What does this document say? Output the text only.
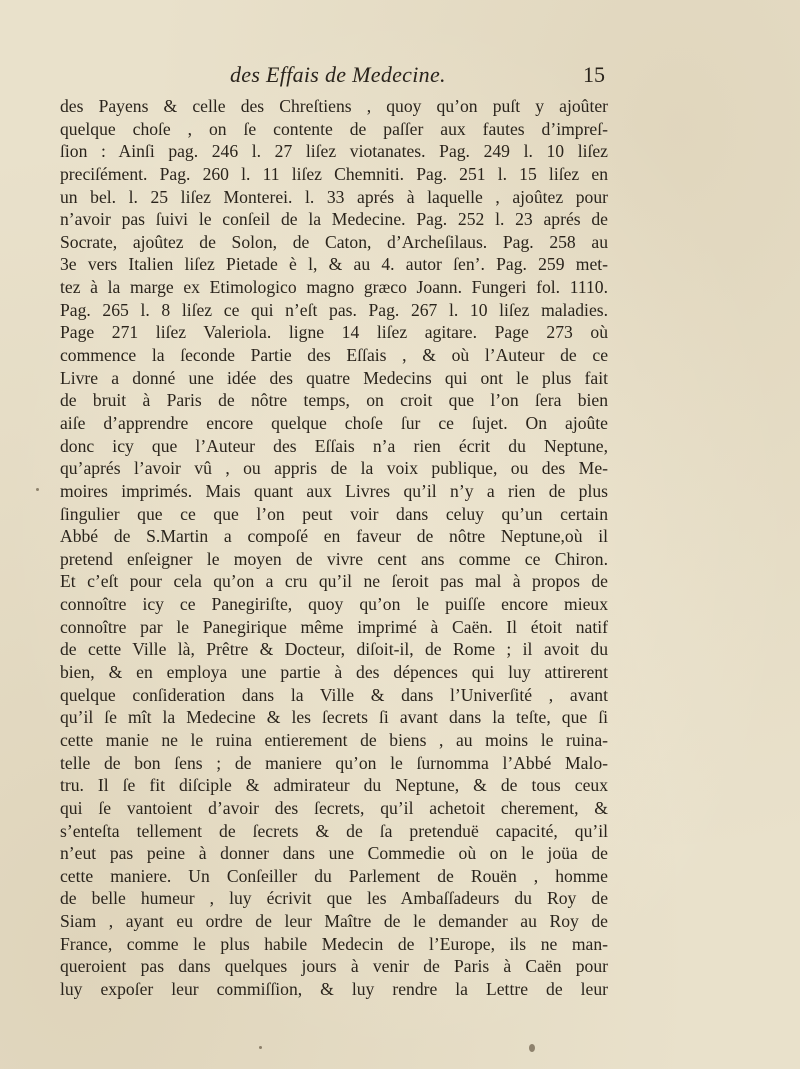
des Effais de Medecine.	15
des Payens & celle des Chreſtiens , quoy qu’on puſt y ajoûter
quelque choſe , on ſe contente de paſſer aux fautes d’impreſ-
ſion : Ainſi pag. 246 l. 27 liſez viotanates. Pag. 249 l. 10 liſez
preciſément. Pag. 260 l. 11 liſez Chemniti. Pag. 251 l. 15 liſez en
un bel. l. 25 liſez Monterei. l. 33 aprés à laquelle , ajoûtez pour
n’avoir pas ſuivi le conſeil de la Medecine. Pag. 252 l. 23 aprés de
Socrate, ajoûtez de Solon, de Caton, d’Archeſilaus. Pag. 258 au
3e vers Italien liſez Pietade è l, & au 4. autor ſen’. Pag. 259 met-
tez à la marge ex Etimologico magno græco Joann. Fungeri fol. 1110.
Pag. 265 l. 8 liſez ce qui n’eſt pas. Pag. 267 l. 10 liſez maladies.
Page 271 liſez Valeriola. ligne 14 liſez agitare. Page 273 où
commence la ſeconde Partie des Eſſais , & où l’Auteur de ce
Livre a donné une idée des quatre Medecins qui ont le plus fait
de bruit à Paris de nôtre temps, on croit que l’on ſera bien
aiſe d’apprendre encore quelque choſe ſur ce ſujet. On ajoûte
donc icy que l’Auteur des Eſſais n’a rien écrit du Neptune,
qu’aprés l’avoir vû , ou appris de la voix publique, ou des Me-
moires imprimés. Mais quant aux Livres qu’il n’y a rien de plus
ſingulier que ce que l’on peut voir dans celuy qu’un certain
Abbé de S.Martin a compoſé en faveur de nôtre Neptune,où il
pretend enſeigner le moyen de vivre cent ans comme ce Chiron.
Et c’eſt pour cela qu’on a cru qu’il ne ſeroit pas mal à propos de
connoître icy ce Panegiriſte, quoy qu’on le puiſſe encore mieux
connoître par le Panegirique même imprimé à Caën. Il étoit natif
de cette Ville là, Prêtre & Docteur, diſoit-il, de Rome ; il avoit du
bien, & en employa une partie à des dépences qui luy attirerent
quelque conſideration dans la Ville & dans l’Univerſité , avant
qu’il ſe mît la Medecine & les ſecrets ſi avant dans la teſte, que ſi
cette manie ne le ruina entierement de biens , au moins le ruina-
telle de bon ſens ; de maniere qu’on le ſurnomma l’Abbé Malo-
tru. Il ſe fit diſciple & admirateur du Neptune, & de tous ceux
qui ſe vantoient d’avoir des ſecrets, qu’il achetoit cherement, &
s’enteſta tellement de ſecrets & de ſa pretenduë capacité, qu’il
n’eut pas peine à donner dans une Commedie où on le joüa de
cette maniere. Un Conſeiller du Parlement de Rouën , homme
de belle humeur , luy écrivit que les Ambaſſadeurs du Roy de
Siam , ayant eu ordre de leur Maître de le demander au Roy de
France, comme le plus habile Medecin de l’Europe, ils ne man-
queroient pas dans quelques jours à venir de Paris à Caën pour
luy expoſer leur commiſſion, & luy rendre la Lettre de leur
